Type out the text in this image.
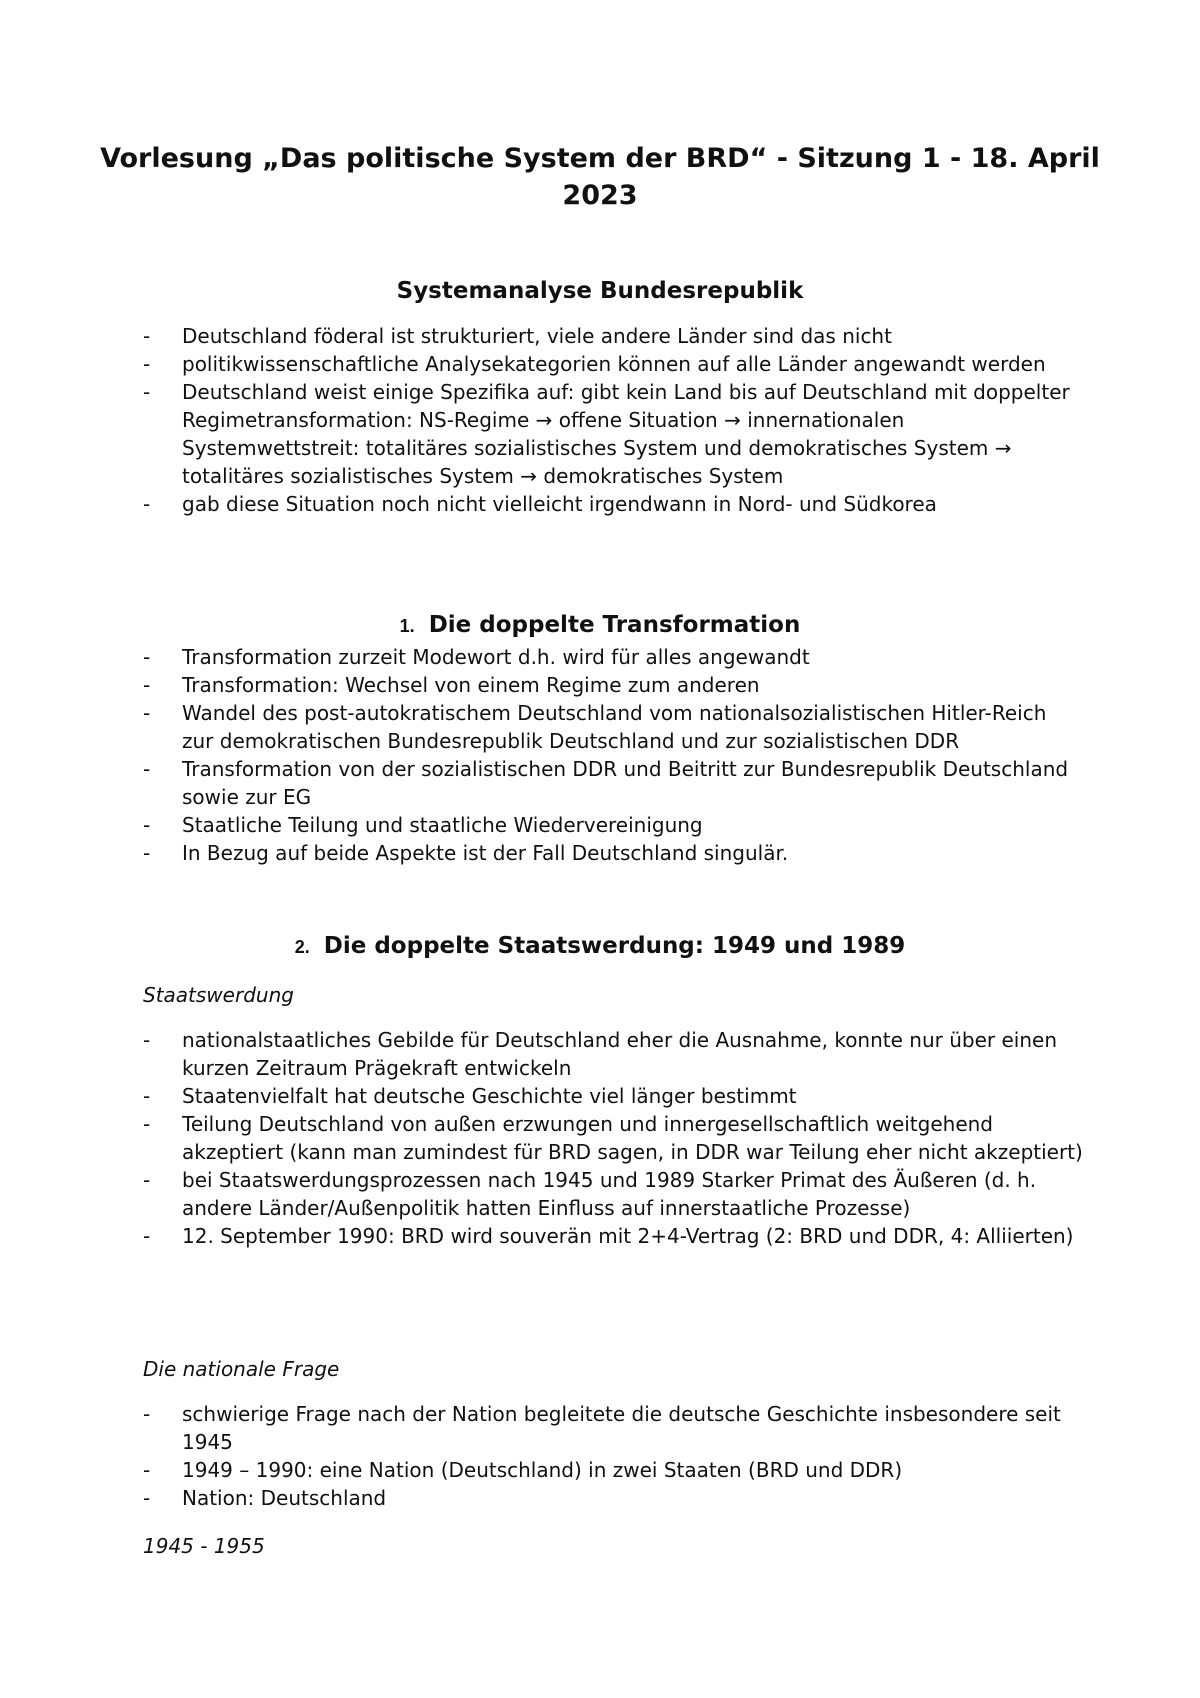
Vorlesung „Das politische System der BRD“ - Sitzung 1 - 18. April 2023
Systemanalyse Bundesrepublik
-	Deutschland föderal ist strukturiert, viele andere Länder sind das nicht
-	politikwissenschaftliche Analysekategorien können auf alle Länder angewandt werden
-	Deutschland weist einige Spezifika auf: gibt kein Land bis auf Deutschland mit doppelter Regimetransformation: NS-Regime → offene Situation → innernationalen Systemwettstreit: totalitäres sozialistisches System und demokratisches System → totalitäres sozialistisches System → demokratisches System
-	gab diese Situation noch nicht vielleicht irgendwann in Nord- und Südkorea
1. Die doppelte Transformation
-	Transformation zurzeit Modewort d.h. wird für alles angewandt
-	Transformation: Wechsel von einem Regime zum anderen
-	Wandel des post-autokratischem Deutschland vom nationalsozialistischen Hitler-Reich zur demokratischen Bundesrepublik Deutschland und zur sozialistischen DDR
-	Transformation von der sozialistischen DDR und Beitritt zur Bundesrepublik Deutschland sowie zur EG
-	Staatliche Teilung und staatliche Wiedervereinigung
-	In Bezug auf beide Aspekte ist der Fall Deutschland singulär.
2. Die doppelte Staatswerdung: 1949 und 1989

Staatswerdung

-	nationalstaatliches Gebilde für Deutschland eher die Ausnahme, konnte nur über einen kurzen Zeitraum Prägekraft entwickeln
-	Staatenvielfalt hat deutsche Geschichte viel länger bestimmt
-	Teilung Deutschland von außen erzwungen und innergesellschaftlich weitgehend akzeptiert (kann man zumindest für BRD sagen, in DDR war Teilung eher nicht akzeptiert)
-	bei Staatswerdungsprozessen nach 1945 und 1989 Starker Primat des Äußeren (d. h. andere Länder/Außenpolitik hatten Einfluss auf innerstaatliche Prozesse)
-	12. September 1990: BRD wird souverän mit 2+4-Vertrag (2: BRD und DDR, 4: Alliierten)

Die nationale Frage

-	schwierige Frage nach der Nation begleitete die deutsche Geschichte insbesondere seit 1945
-	1949 – 1990: eine Nation (Deutschland) in zwei Staaten (BRD und DDR)
-	Nation: Deutschland

1945 - 1955
